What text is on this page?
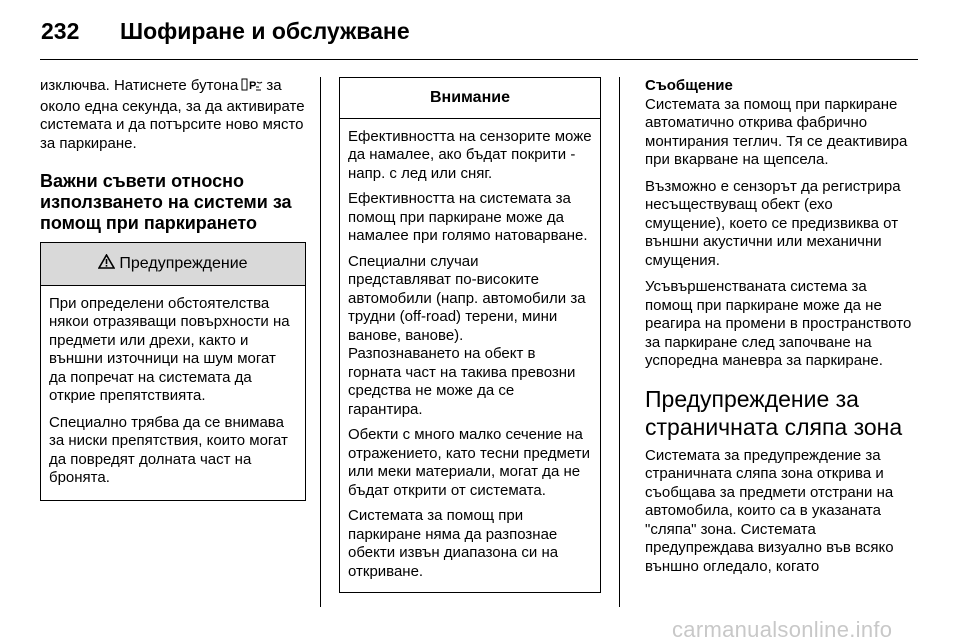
232 Шофиране и обслужване

изключва. Натиснете бутона P за около една секунда, за да активирате системата и да потърсите ново място за паркиране.

Важни съвети относно използването на системи за помощ при паркирането
Предупреждение

При определени обстоятелства някои отразяващи повърхности на предмети или дрехи, както и външни източници на шум могат да попречат на системата да открие препятствията.

Специално трябва да се внимава за ниски препятствия, които могат да повредят долната част на бронята.

Внимание

Ефективността на сензорите може да намалее, ако бъдат покрити - напр. с лед или сняг.

Ефективността на системата за помощ при паркиране може да намалее при голямо натоварване.

Специални случаи
представляват по-високите автомобили (напр. автомобили за трудни (off-road) терени, мини ванове, ванове).
Разпознаването на обект в горната част на такива превозни средства не може да се гарантира.

Обекти с много малко сечение на отражението, като тесни предмети или меки материали, могат да не бъдат открити от системата.

Системата за помощ при паркиране няма да разпознае обекти извън диапазона си на откриване.

Съобщение

Системата за помощ при паркиране автоматично открива фабрично монтирания теглич. Тя се деактивира при вкарване на щепсела.

Възможно е сензорът да регистрира несъществуващ обект (ехо смущение), което се предизвиква от външни акустични или механични смущения.

Усъвършенстваната система за помощ при паркиране може да не реагира на промени в пространството за паркиране след започване на успоредна маневра за паркиране.

Предупреждение за страничната сляпа зона

Системата за предупреждение за страничната сляпа зона открива и съобщава за предмети отстрани на автомобила, които са в указаната "сляпа" зона. Системата предупреждава визуално във всяко външно огледало, когато

carmanualsonline.info
